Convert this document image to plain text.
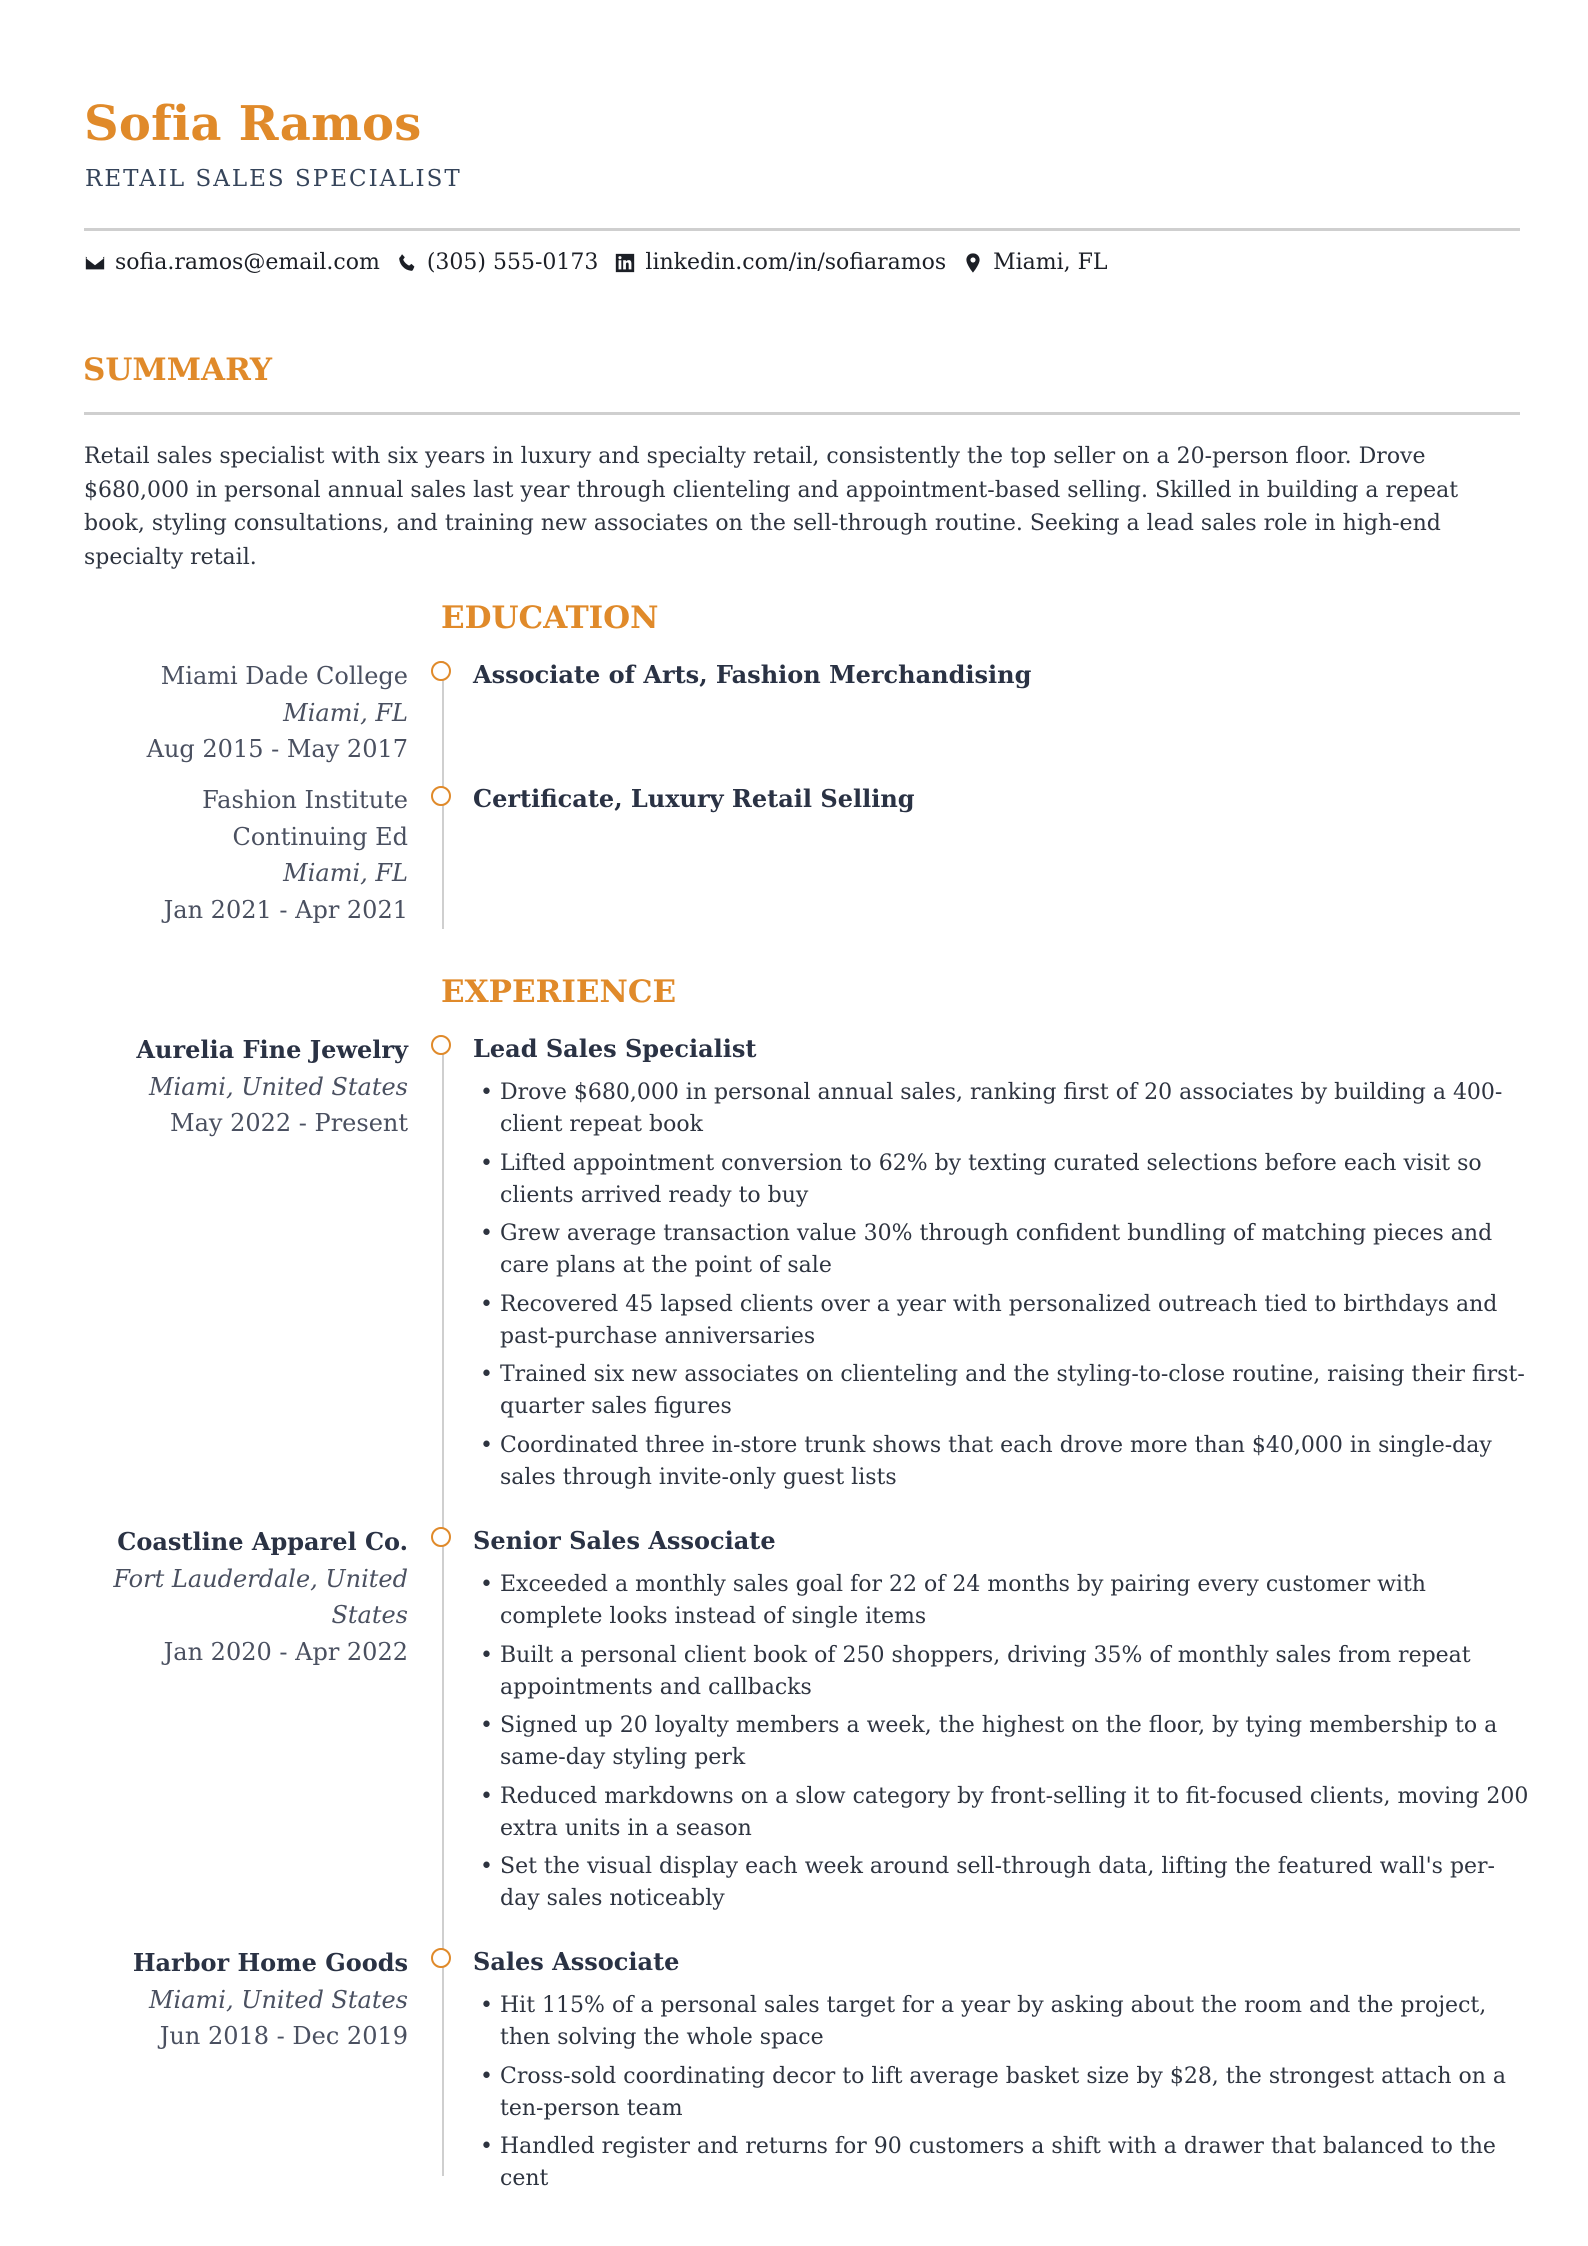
Sofia Ramos
RETAIL SALES SPECIALIST
sofia.ramos@email.com (305) 555-0173 linkedin.com/in/sofiaramos Miami, FL
SUMMARY
Retail sales specialist with six years in luxury and specialty retail, consistently the top seller on a 20-person floor. Drove $680,000 in personal annual sales last year through clienteling and appointment-based selling. Skilled in building a repeat book, styling consultations, and training new associates on the sell-through routine. Seeking a lead sales role in high-end specialty retail.
EDUCATION
Miami Dade College
Miami, FL
Aug 2015 - May 2017
Associate of Arts, Fashion Merchandising
Fashion Institute
Continuing Ed
Miami, FL
Jan 2021 - Apr 2021
Certificate, Luxury Retail Selling
EXPERIENCE
Aurelia Fine Jewelry
Miami, United States
May 2022 - Present
Lead Sales Specialist
• Drove $680,000 in personal annual sales, ranking first of 20 associates by building a 400-client repeat book
• Lifted appointment conversion to 62% by texting curated selections before each visit so clients arrived ready to buy
• Grew average transaction value 30% through confident bundling of matching pieces and care plans at the point of sale
• Recovered 45 lapsed clients over a year with personalized outreach tied to birthdays and past-purchase anniversaries
• Trained six new associates on clienteling and the styling-to-close routine, raising their first-quarter sales figures
• Coordinated three in-store trunk shows that each drove more than $40,000 in single-day sales through invite-only guest lists
Coastline Apparel Co.
Fort Lauderdale, United
States
Jan 2020 - Apr 2022
Senior Sales Associate
• Exceeded a monthly sales goal for 22 of 24 months by pairing every customer with complete looks instead of single items
• Built a personal client book of 250 shoppers, driving 35% of monthly sales from repeat appointments and callbacks
• Signed up 20 loyalty members a week, the highest on the floor, by tying membership to a same-day styling perk
• Reduced markdowns on a slow category by front-selling it to fit-focused clients, moving 200 extra units in a season
• Set the visual display each week around sell-through data, lifting the featured wall's per-day sales noticeably
Harbor Home Goods
Miami, United States
Jun 2018 - Dec 2019
Sales Associate
• Hit 115% of a personal sales target for a year by asking about the room and the project, then solving the whole space
• Cross-sold coordinating decor to lift average basket size by $28, the strongest attach on a ten-person team
• Handled register and returns for 90 customers a shift with a drawer that balanced to the cent
